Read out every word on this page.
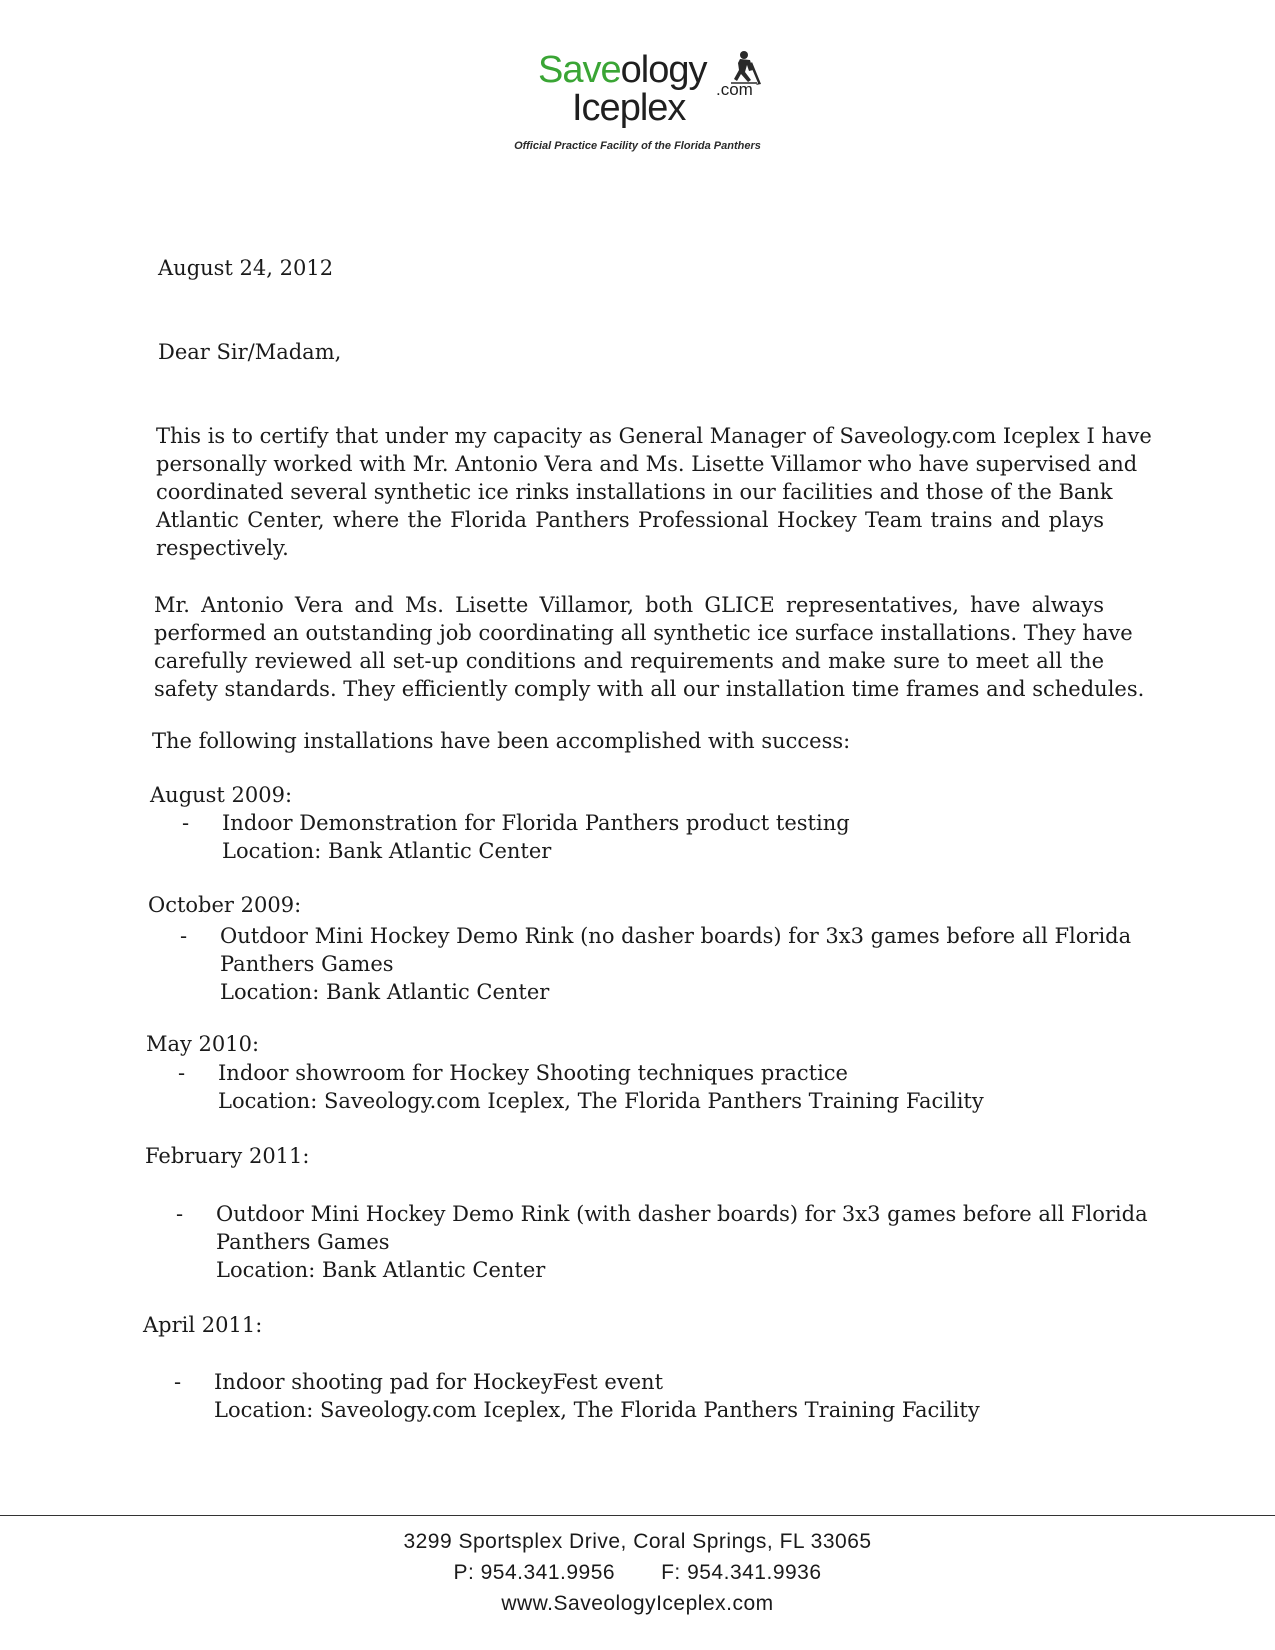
Saveology .com
Iceplex
Official Practice Facility of the Florida Panthers
August 24, 2012
Dear Sir/Madam,
This is to certify that under my capacity as General Manager of Saveology.com Iceplex I have
personally worked with Mr. Antonio Vera and Ms. Lisette Villamor who have supervised and
coordinated several synthetic ice rinks installations in our facilities and those of the Bank
Atlantic Center, where the Florida Panthers Professional Hockey Team trains and plays
respectively.
Mr. Antonio Vera and Ms. Lisette Villamor, both GLICE representatives, have always
performed an outstanding job coordinating all synthetic ice surface installations. They have
carefully reviewed all set-up conditions and requirements and make sure to meet all the
safety standards. They efficiently comply with all our installation time frames and schedules.
The following installations have been accomplished with success:
August 2009:
- Indoor Demonstration for Florida Panthers product testing
Location: Bank Atlantic Center
October 2009:
- Outdoor Mini Hockey Demo Rink (no dasher boards) for 3x3 games before all Florida
Panthers Games
Location: Bank Atlantic Center
May 2010:
- Indoor showroom for Hockey Shooting techniques practice
Location: Saveology.com Iceplex, The Florida Panthers Training Facility
February 2011:
- Outdoor Mini Hockey Demo Rink (with dasher boards) for 3x3 games before all Florida
Panthers Games
Location: Bank Atlantic Center
April 2011:
- Indoor shooting pad for HockeyFest event
Location: Saveology.com Iceplex, The Florida Panthers Training Facility
3299 Sportsplex Drive, Coral Springs, FL 33065
P: 954.341.9956 F: 954.341.9936
www.SaveologyIceplex.com
